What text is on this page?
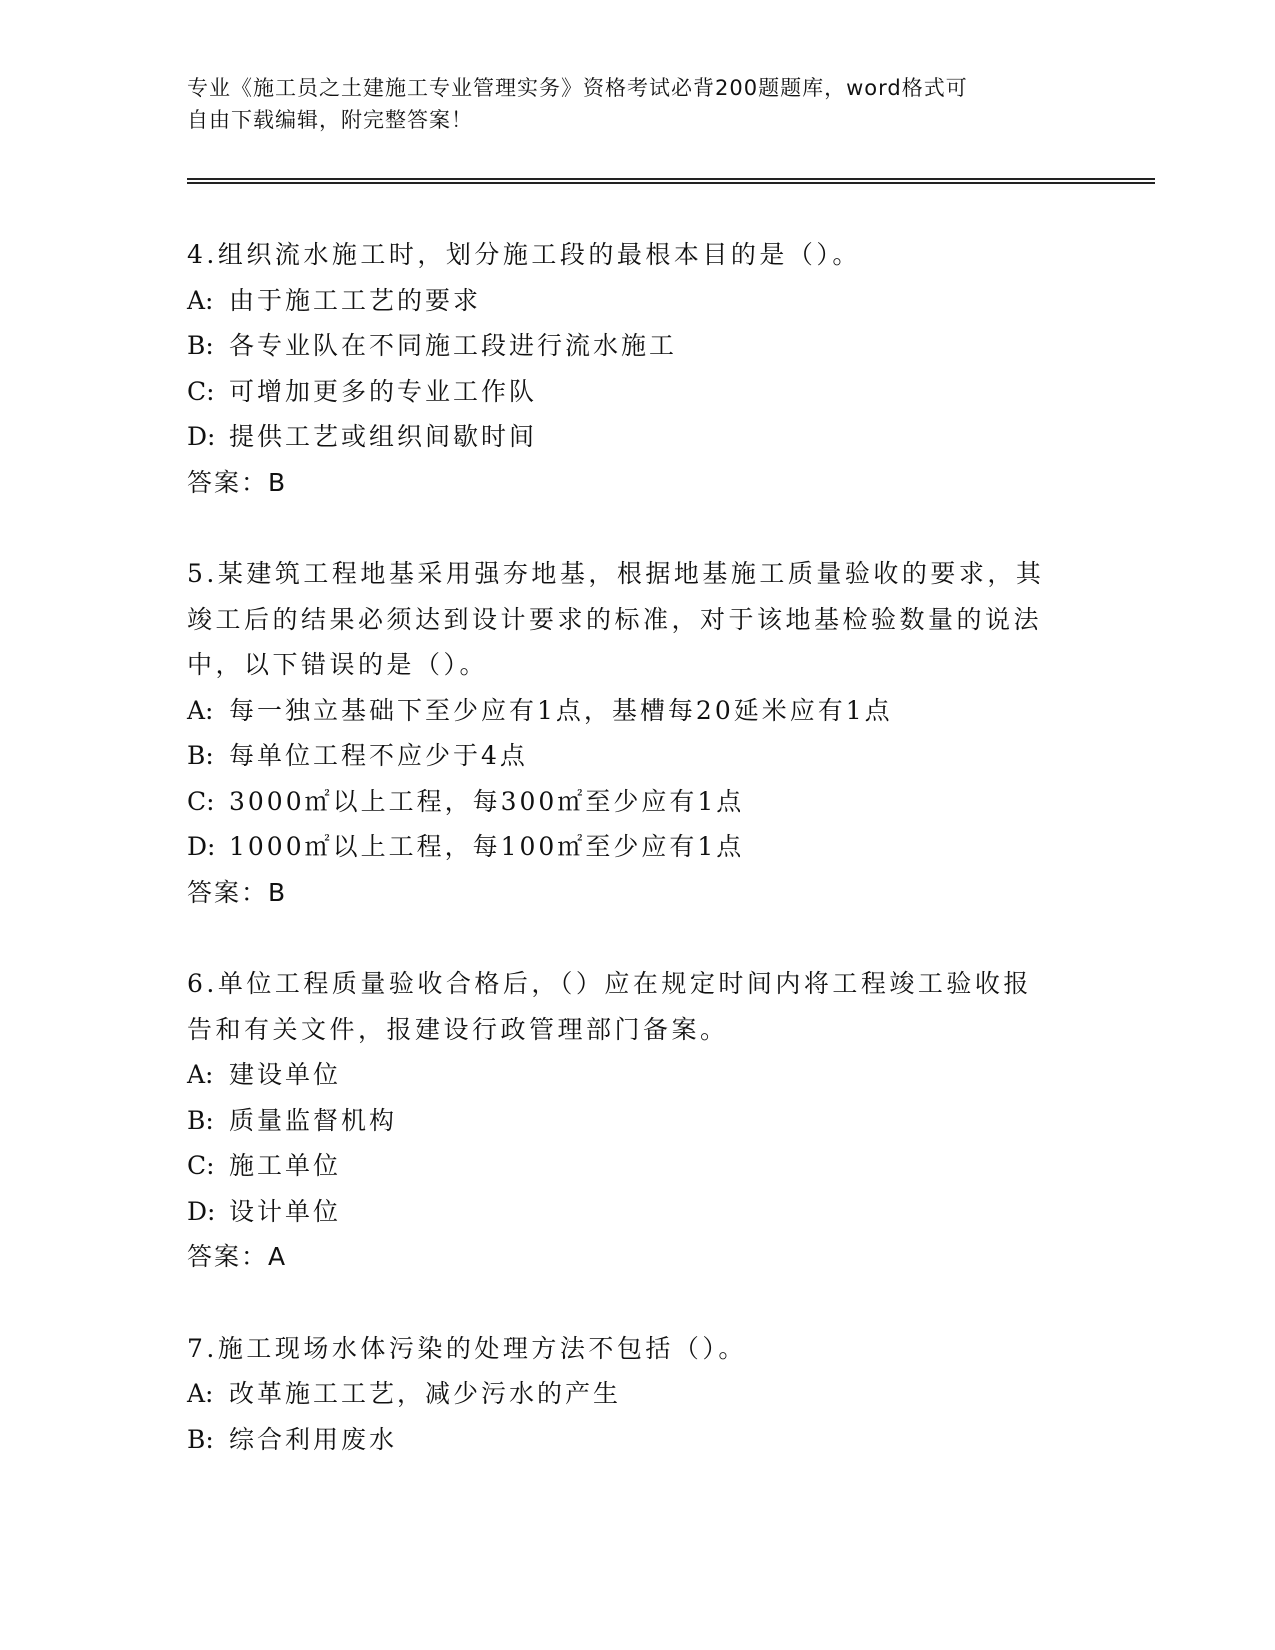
专业《施工员之土建施工专业管理实务》资格考试必背200题题库，word格式可
自由下载编辑，附完整答案！
4.组织流水施工时，划分施工段的最根本目的是（）。
A: 由于施工工艺的要求
B: 各专业队在不同施工段进行流水施工
C: 可增加更多的专业工作队
D: 提供工艺或组织间歇时间
答案：B
5.某建筑工程地基采用强夯地基，根据地基施工质量验收的要求，其
竣工后的结果必须达到设计要求的标准，对于该地基检验数量的说法
中，以下错误的是（）。
A: 每一独立基础下至少应有1点，基槽每20延米应有1点
B: 每单位工程不应少于4点
C: 3000㎡以上工程，每300㎡至少应有1点
D: 1000㎡以上工程，每100㎡至少应有1点
答案：B
6.单位工程质量验收合格后，（）应在规定时间内将工程竣工验收报
告和有关文件，报建设行政管理部门备案。
A: 建设单位
B: 质量监督机构
C: 施工单位
D: 设计单位
答案：A
7.施工现场水体污染的处理方法不包括（）。
A: 改革施工工艺，减少污水的产生
B: 综合利用废水
